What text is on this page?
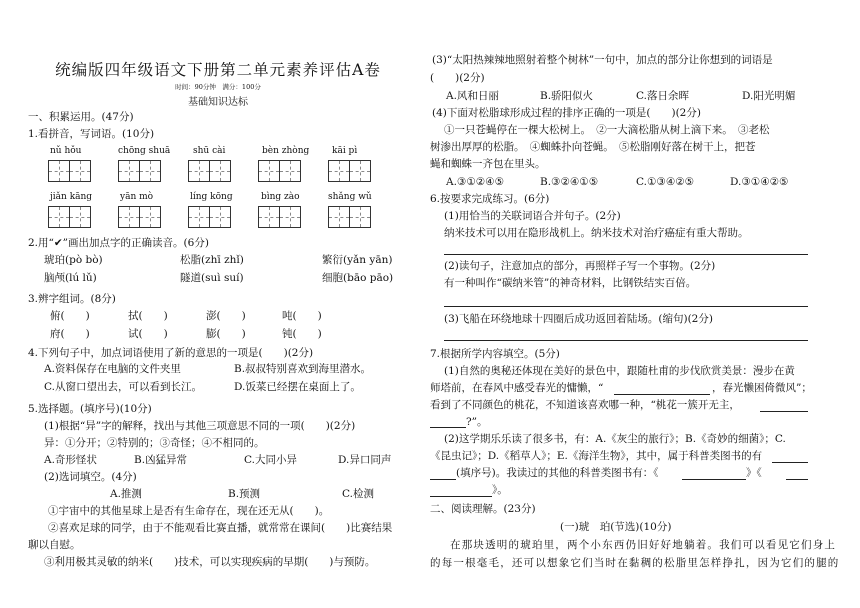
统编版四年级语文下册第二单元素养评估A卷
时间：90分钟　满分：100分
基础知识达标
一、积累运用。(47分)
1.看拼音，写词语。(10分)
nǔ hǒu	chōng shuā	shū cài	bèn zhòng	kāi pì
jiǎn kāng	yān mò	líng kōng	bìng zào	shǎng wǔ
2.用“✔”画出加点字的正确读音。(6分)
琥珀(pò bò)	松脂(zhī zhǐ)	繁衍(yǎn yān)
脑颅(lú lǔ)	隧道(suì suí)	细胞(bāo pāo)
3.辨字组词。(8分)
俯(　　)	拭(　　)	澎(　　)	吨(　　)
府(　　)	试(　　)	膨(　　)	钝(　　)
4.下列句子中，加点词语使用了新的意思的一项是(　　)(2分)
A.资料保存在电脑的文件夹里	B.叔叔特别喜欢到海里潜水。
C.从窗口望出去，可以看到长江。	D.饭菜已经摆在桌面上了。
5.选择题。(填序号)(10分)
(1)根据“异”字的解释，找出与其他三项意思不同的一项(　　)(2分)
异：①分开；②特别的；③奇怪；④不相同的。
A.奇形怪状	B.凶猛异常	C.大同小异	D.异口同声
(2)选词填空。(4分)
A.推测	B.预测	C.检测
①宇宙中的其他星球上是否有生命存在，现在还无从(　　)。
②喜欢足球的同学，由于不能观看比赛直播，就常常在课间(　　)比赛结果
聊以自慰。
③利用极其灵敏的纳米(　　)技术，可以实现疾病的早期(　　)与预防。
(3)“太阳热辣辣地照射着整个树林”一句中，加点的部分让你想到的词语是
(　　)(2分)
A.风和日丽	B.骄阳似火	C.落日余晖	D.阳光明媚
(4)下面对松脂球形成过程的排序正确的一项是(　　)(2分)
①一只苍蝇停在一棵大松树上。　②一大滴松脂从树上滴下来。　③老松
树渗出厚厚的松脂。　④蜘蛛扑向苍蝇。　⑤松脂刚好落在树干上，把苍
蝇和蜘蛛一齐包在里头。
A.③①②④⑤	B.③②④①⑤	C.①③④②⑤	D.③①④②⑤
6.按要求完成练习。(6分)
(1)用恰当的关联词语合并句子。(2分)
纳米技术可以用在隐形战机上。纳米技术对治疗癌症有重大帮助。
(2)读句子，注意加点的部分，再照样子写一个事物。(2分)
有一种叫作“碳纳米管”的神奇材料，比钢铁结实百倍。
(3)飞船在环绕地球十四圈后成功返回着陆场。(缩句)(2分)
7.根据所学内容填空。(5分)
(1)自然的奥秘还体现在美好的景色中，跟随杜甫的步伐欣赏美景：漫步在黄
师塔前，在春风中感受春光的慵懒，“	，春光懒困倚微风”；
看到了不同颜色的桃花，不知道该喜欢哪一种，“桃花一簇开无主，
?”。
(2)这学期乐乐读了很多书，有：A.《灰尘的旅行》；B.《奇妙的细菌》；C.
《昆虫记》；D.《稻草人》；E.《海洋生物》，其中，属于科普类图书的有
(填序号)。我读过的其他的科普类图书有：《	》《
》。
二、阅读理解。(23分)
(一)琥　珀(节选)(10分)
在那块透明的琥珀里，两个小东西仍旧好好地躺着。我们可以看见它们身上
的每一根毫毛，还可以想象它们当时在黏稠的松脂里怎样挣扎，因为它们的腿的
